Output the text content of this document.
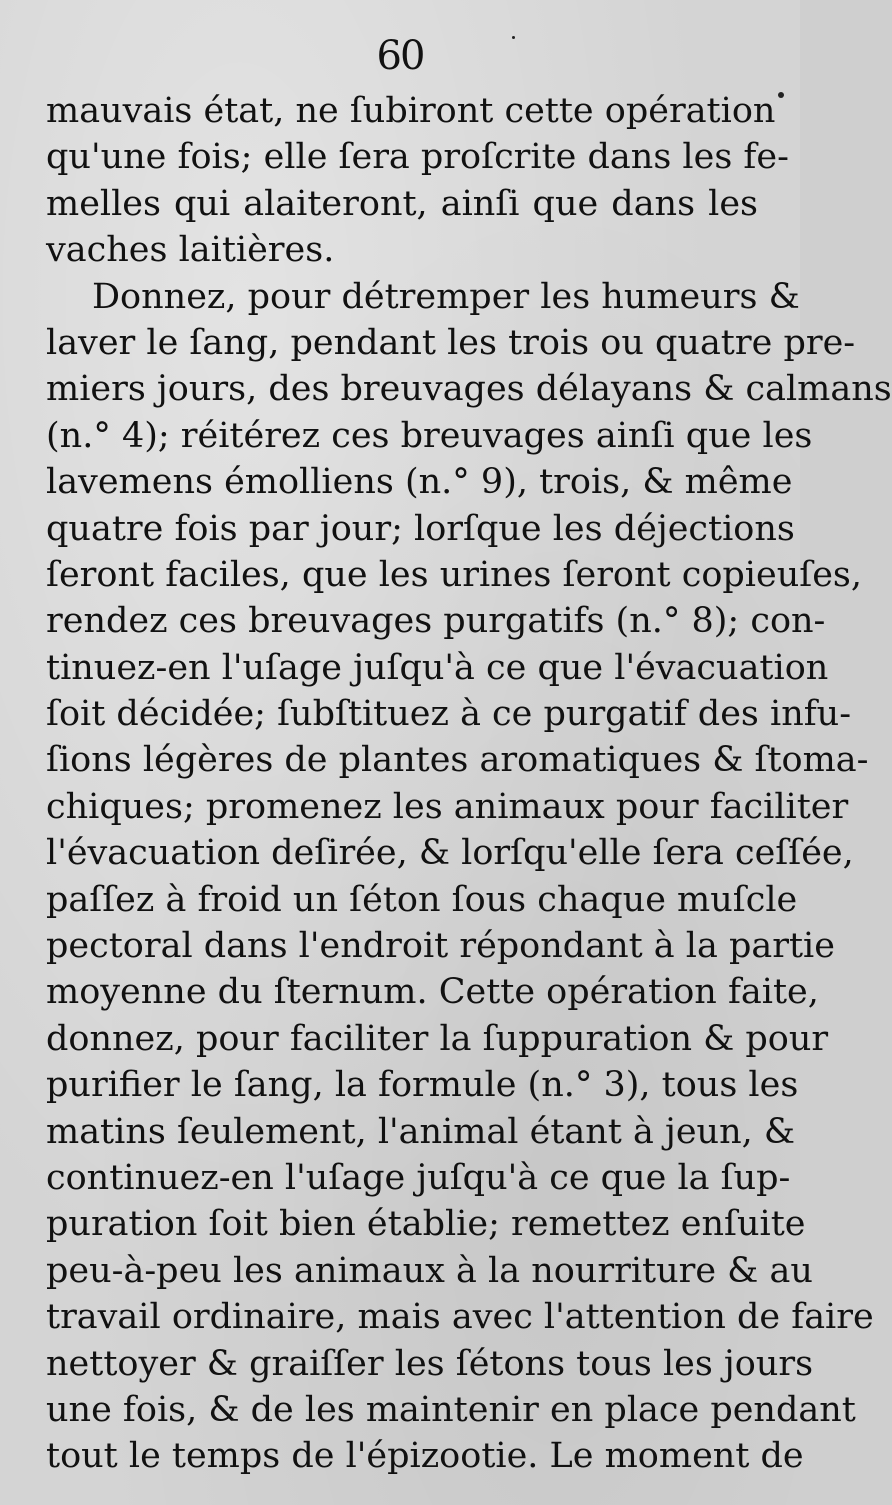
60
mauvais état, ne ſubiront cette opération
qu'une fois; elle ſera proſcrite dans les fe-
melles qui alaiteront, ainſi que dans les
vaches laitières.
Donnez, pour détremper les humeurs &
laver le ſang, pendant les trois ou quatre pre-
miers jours, des breuvages délayans & calmans
(n.° 4); réitérez ces breuvages ainſi que les
lavemens émolliens (n.° 9), trois, & même
quatre fois par jour; lorſque les déjections
ſeront faciles, que les urines ſeront copieuſes,
rendez ces breuvages purgatifs (n.° 8); con-
tinuez-en l'uſage juſqu'à ce que l'évacuation
ſoit décidée; ſubſtituez à ce purgatif des infu-
ſions légères de plantes aromatiques & ſtoma-
chiques; promenez les animaux pour faciliter
l'évacuation deſirée, & lorſqu'elle ſera ceſſée,
paſſez à froid un ſéton ſous chaque muſcle
pectoral dans l'endroit répondant à la partie
moyenne du ſternum. Cette opération faite,
donnez, pour faciliter la ſuppuration & pour
purifier le ſang, la formule (n.° 3), tous les
matins ſeulement, l'animal étant à jeun, &
continuez-en l'uſage juſqu'à ce que la ſup-
puration ſoit bien établie; remettez enſuite
peu-à-peu les animaux à la nourriture & au
travail ordinaire, mais avec l'attention de faire
nettoyer & graiſſer les ſétons tous les jours
une fois, & de les maintenir en place pendant
tout le temps de l'épizootie. Le moment de
